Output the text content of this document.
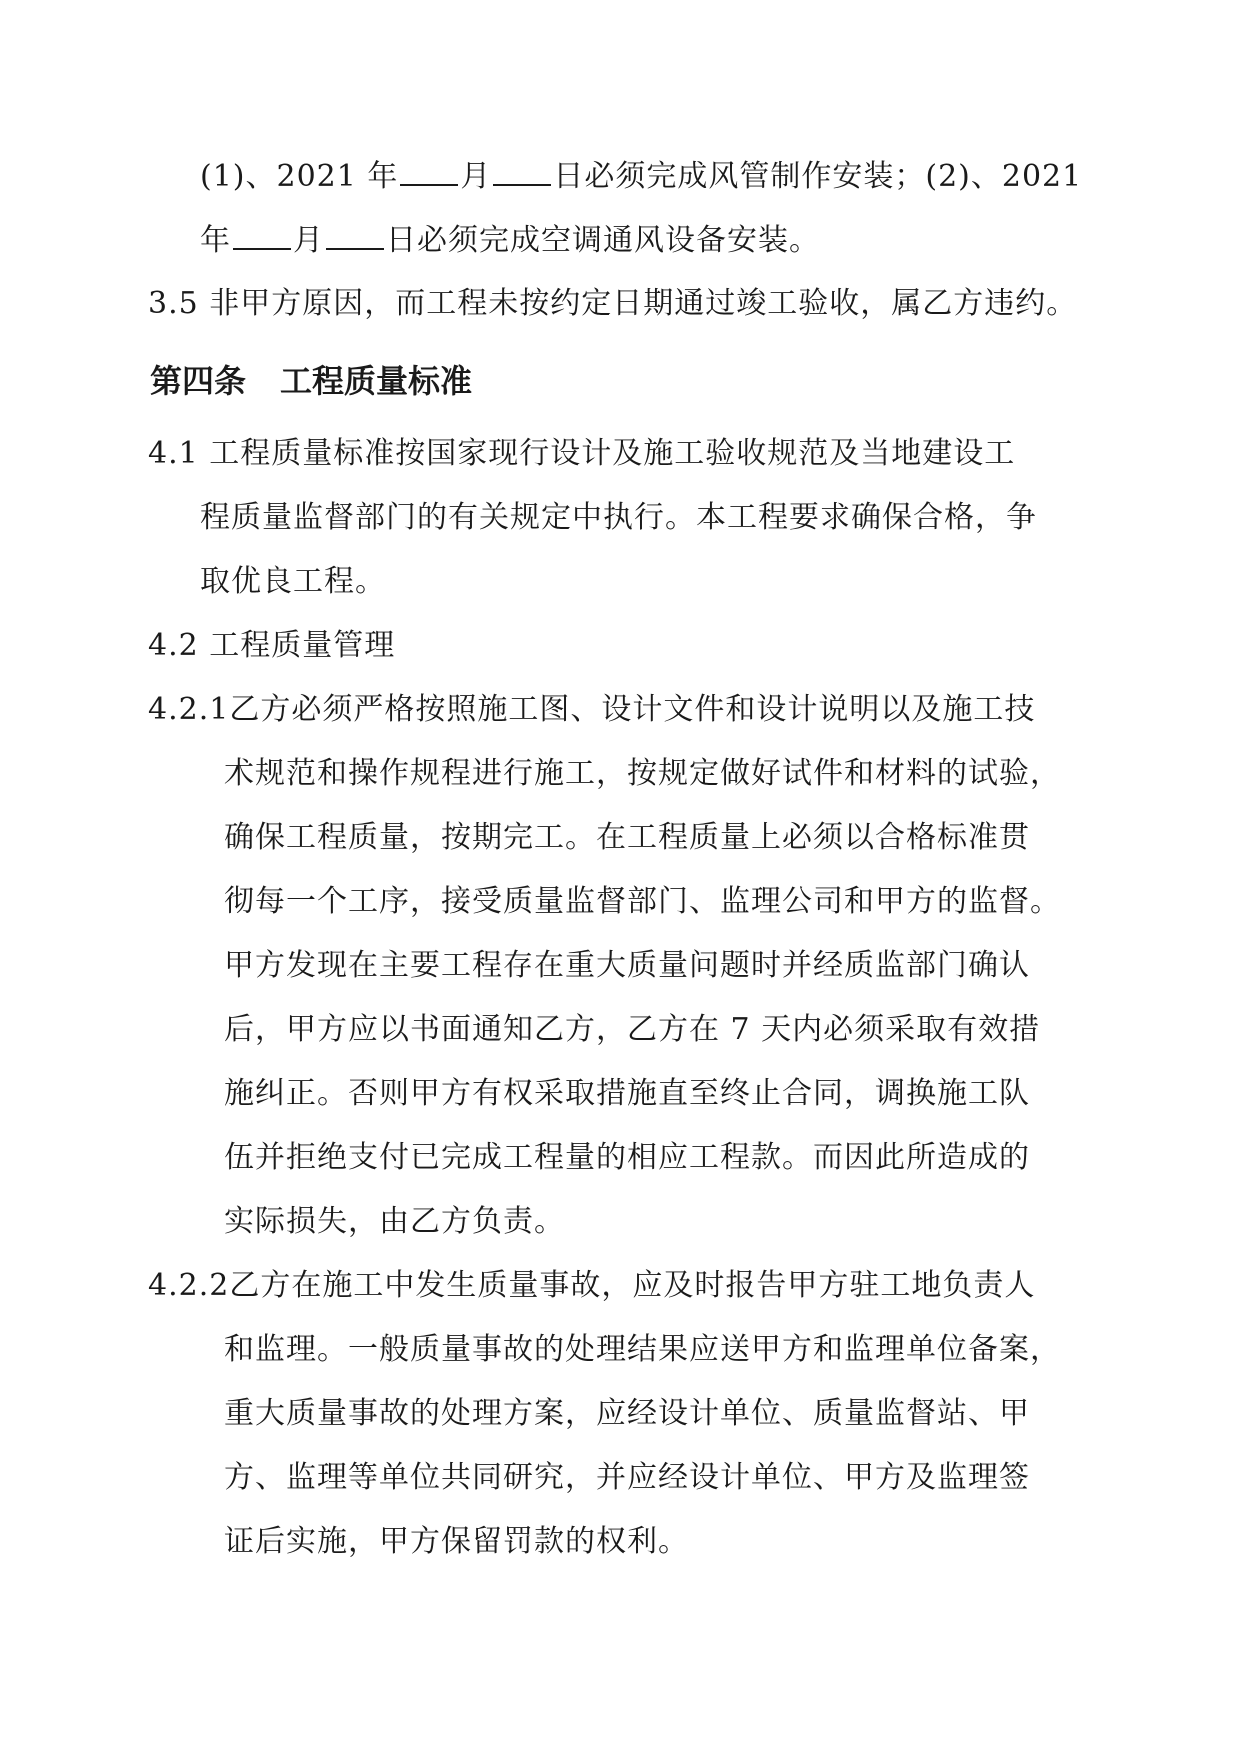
(1)、2021 年 月 日必须完成风管制作安装；(2)、2021
年 月 日必须完成空调通风设备安装。
3.5 非甲方原因，而工程未按约定日期通过竣工验收，属乙方违约。
第四条 工程质量标准
4.1 工程质量标准按国家现行设计及施工验收规范及当地建设工
程质量监督部门的有关规定中执行。本工程要求确保合格，争
取优良工程。
4.2 工程质量管理
4.2.1乙方必须严格按照施工图、设计文件和设计说明以及施工技
术规范和操作规程进行施工，按规定做好试件和材料的试验，
确保工程质量，按期完工。在工程质量上必须以合格标准贯
彻每一个工序，接受质量监督部门、监理公司和甲方的监督。
甲方发现在主要工程存在重大质量问题时并经质监部门确认
后，甲方应以书面通知乙方，乙方在 7 天内必须采取有效措
施纠正。否则甲方有权采取措施直至终止合同，调换施工队
伍并拒绝支付已完成工程量的相应工程款。而因此所造成的
实际损失，由乙方负责。
4.2.2乙方在施工中发生质量事故，应及时报告甲方驻工地负责人
和监理。一般质量事故的处理结果应送甲方和监理单位备案，
重大质量事故的处理方案，应经设计单位、质量监督站、甲
方、监理等单位共同研究，并应经设计单位、甲方及监理签
证后实施，甲方保留罚款的权利。
